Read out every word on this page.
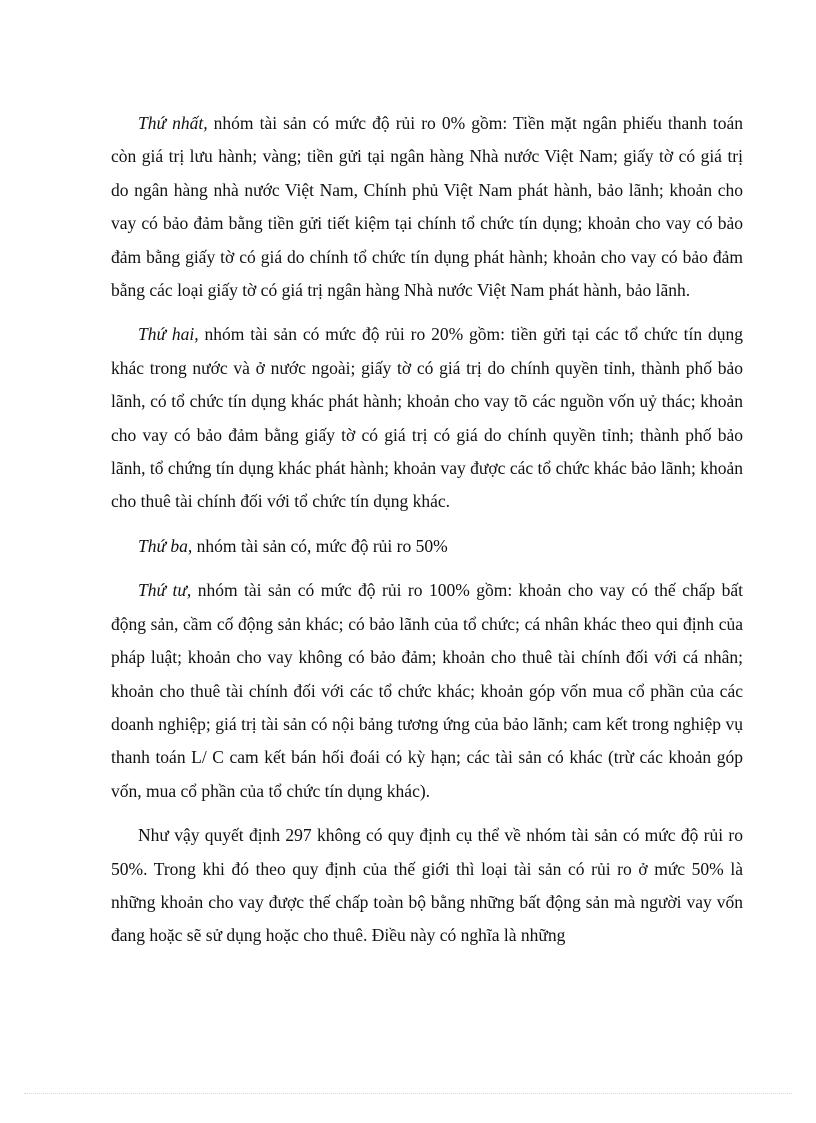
Thứ nhất, nhóm tài sản có mức độ rủi ro 0% gồm: Tiền mặt ngân phiếu thanh toán còn giá trị lưu hành; vàng; tiền gửi tại ngân hàng Nhà nước Việt Nam; giấy tờ có giá trị do ngân hàng nhà nước Việt Nam, Chính phủ Việt Nam phát hành, bảo lãnh; khoản cho vay có bảo đảm bằng tiền gửi tiết kiệm tại chính tổ chức tín dụng; khoản cho vay có bảo đảm bằng giấy tờ có giá do chính tổ chức tín dụng phát hành; khoản cho vay có bảo đảm bằng các loại giấy tờ có giá trị ngân hàng Nhà nước Việt Nam phát hành, bảo lãnh.

Thứ hai, nhóm tài sản có mức độ rủi ro 20% gồm: tiền gửi tại các tổ chức tín dụng khác trong nước và ở nước ngoài; giấy tờ có giá trị do chính quyền tỉnh, thành phố bảo lãnh, có tổ chức tín dụng khác phát hành; khoản cho vay tõ các nguồn vốn uỷ thác; khoản cho vay có bảo đảm bằng giấy tờ có giá trị có giá do chính quyền tỉnh; thành phố bảo lãnh, tổ chứng tín dụng khác phát hành; khoản vay được các tổ chức khác bảo lãnh; khoản cho thuê tài chính đối với tổ chức tín dụng khác.

Thứ ba, nhóm tài sản có, mức độ rủi ro 50%

Thứ tư, nhóm tài sản có mức độ rủi ro 100% gồm: khoản cho vay có thế chấp bất động sản, cầm cố động sản khác; có bảo lãnh của tổ chức; cá nhân khác theo qui định của pháp luật; khoản cho vay không có bảo đảm; khoản cho thuê tài chính đối với cá nhân; khoản cho thuê tài chính đối với các tổ chức khác; khoản góp vốn mua cổ phần của các doanh nghiệp; giá trị tài sản có nội bảng tương ứng của bảo lãnh; cam kết trong nghiệp vụ thanh toán L/ C cam kết bán hối đoái có kỳ hạn; các tài sản có khác (trừ các khoản góp vốn, mua cổ phần của tổ chức tín dụng khác).

Như vậy quyết định 297 không có quy định cụ thể về nhóm tài sản có mức độ rủi ro 50%. Trong khi đó theo quy định của thế giới thì loại tài sản có rủi ro ở mức 50% là những khoản cho vay được thế chấp toàn bộ bằng những bất động sản mà người vay vốn đang hoặc sẽ sử dụng hoặc cho thuê. Điều này có nghĩa là những
